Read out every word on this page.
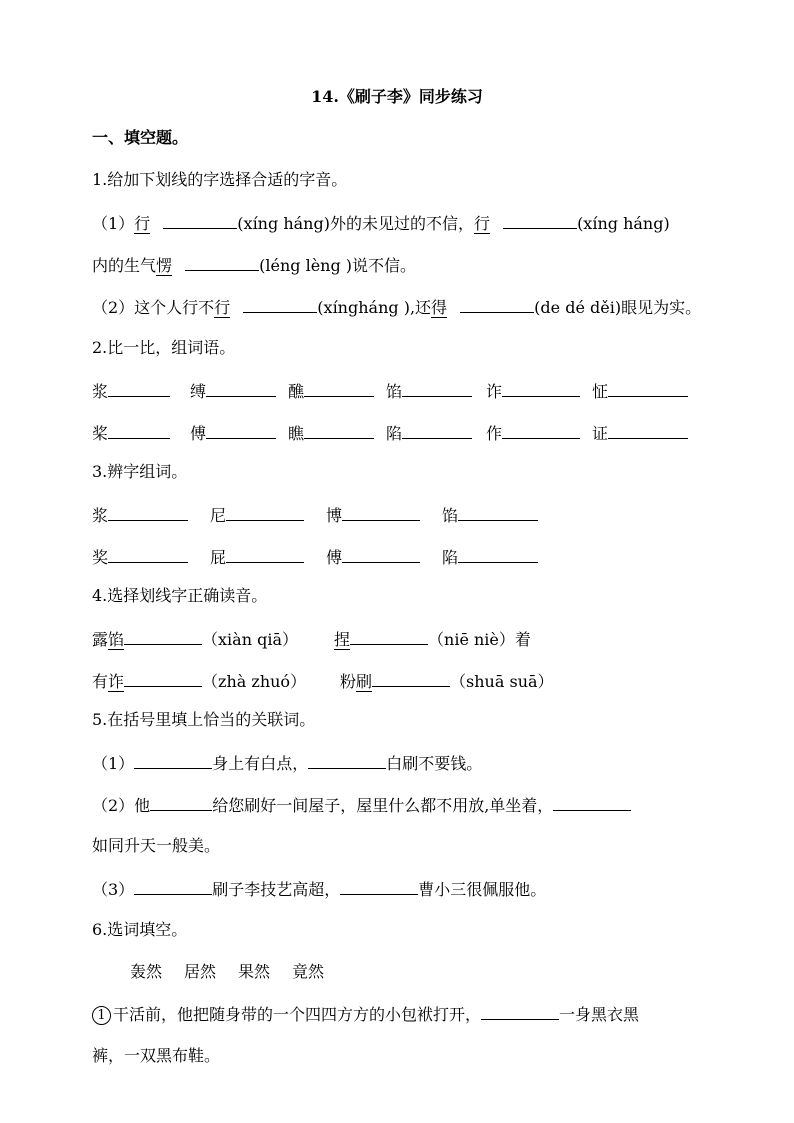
14.《刷子李》同步练习
一、填空题。
1.给加下划线的字选择合适的字音。
（1）行	(xíng háng)外的未见过的不信，行	(xíng háng)
内的生气愣	(léng lèng )说不信。
（2）这个人行不行	(xíngháng ),还得	(de dé děi)眼见为实。
2.比一比，组词语。
浆	缚	醮	馅	诈	怔
桨	傅	瞧	陷	作	证
3.辨字组词。
浆	尼	博	馅
奖	屁	傅	陷
4.选择划线字正确读音。
露馅	（xiàn qiā） 捏	（niē niè）着
有诈	（zhà zhuó） 粉刷	（shuā suā）
5.在括号里填上恰当的关联词。
（1）	身上有白点，	白刷不要钱。
（2）他	给您刷好一间屋子，屋里什么都不用放,单坐着，
如同升天一般美。
（3）	刷子李技艺高超，	曹小三很佩服他。
6.选词填空。
轰然 居然 果然 竟然
1 干活前，他把随身带的一个四四方方的小包袱打开，	一身黑衣黑
裤，一双黑布鞋。
